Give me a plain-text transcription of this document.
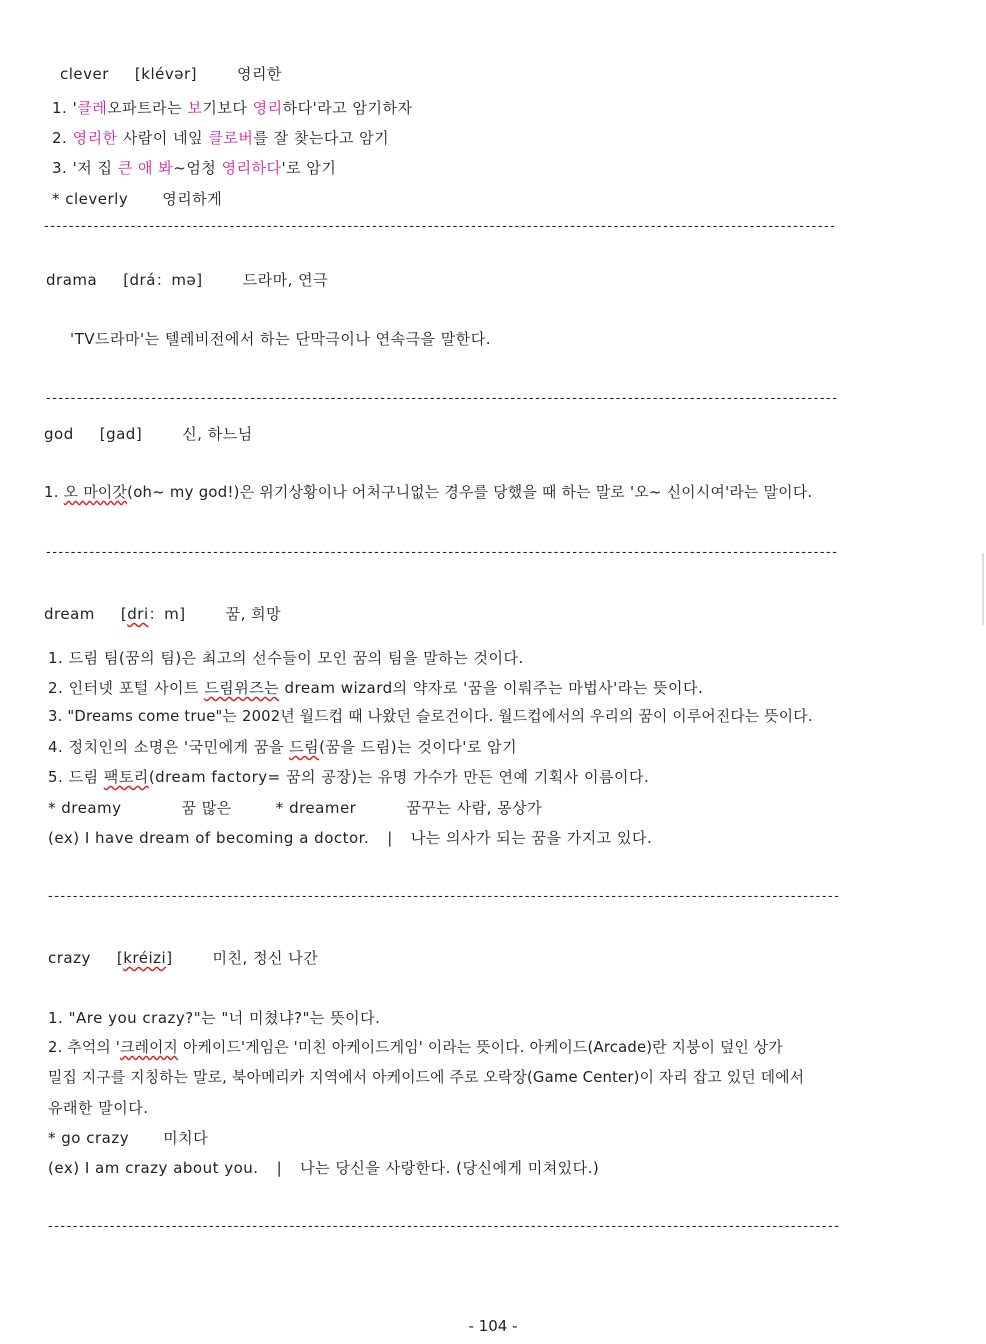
clever [klévər]	영리한
1. '클레오파트라는 보기보다 영리하다'라고 암기하자
2. 영리한 사람이 네잎 클로버를 잘 찾는다고 암기
3. '저 집 큰 애 봐~엄청 영리하다'로 암기
* cleverly 영리하게
--------------------------------------------------------------------------------------------------------------------------------
drama [drá：mə]	드라마, 연극
'TV드라마'는 텔레비전에서 하는 단막극이나 연속극을 말한다.
--------------------------------------------------------------------------------------------------------------------------------
god [gad]	신, 하느님
1. 오 마이갓(oh~ my god!)은 위기상황이나 어처구니없는 경우를 당했을 때 하는 말로 '오~ 신이시여'라는 말이다.
--------------------------------------------------------------------------------------------------------------------------------
dream [dri：m]	꿈, 희망
1. 드림 팀(꿈의 팀)은 최고의 선수들이 모인 꿈의 팀을 말하는 것이다.
2. 인터넷 포털 사이트 드림위즈는 dream wizard의 약자로 '꿈을 이뤄주는 마법사'라는 뜻이다.
3. "Dreams come true"는 2002년 월드컵 때 나왔던 슬로건이다. 월드컵에서의 우리의 꿈이 이루어진다는 뜻이다.
4. 정치인의 소명은 '국민에게 꿈을 드림(꿈을 드림)는 것이다'로 암기
5. 드림 팩토리(dream factory= 꿈의 공장)는 유명 가수가 만든 연예 기획사 이름이다.
* dreamy	꿈 많은	* dreamer	꿈꾸는 사람, 몽상가
(ex) I have dream of becoming a doctor. | 나는 의사가 되는 꿈을 가지고 있다.
--------------------------------------------------------------------------------------------------------------------------------
crazy [kréizi]	미친, 정신 나간
1. "Are you crazy?"는 "너 미쳤냐?"는 뜻이다.
2. 추억의 '크레이지 아케이드'게임은 '미친 아케이드게임' 이라는 뜻이다. 아케이드(Arcade)란 지붕이 덮인 상가
밀집 지구를 지칭하는 말로, 북아메리카 지역에서 아케이드에 주로 오락장(Game Center)이 자리 잡고 있던 데에서
유래한 말이다.
* go crazy 미치다
(ex) I am crazy about you. | 나는 당신을 사랑한다. (당신에게 미쳐있다.)
--------------------------------------------------------------------------------------------------------------------------------
- 104 -
